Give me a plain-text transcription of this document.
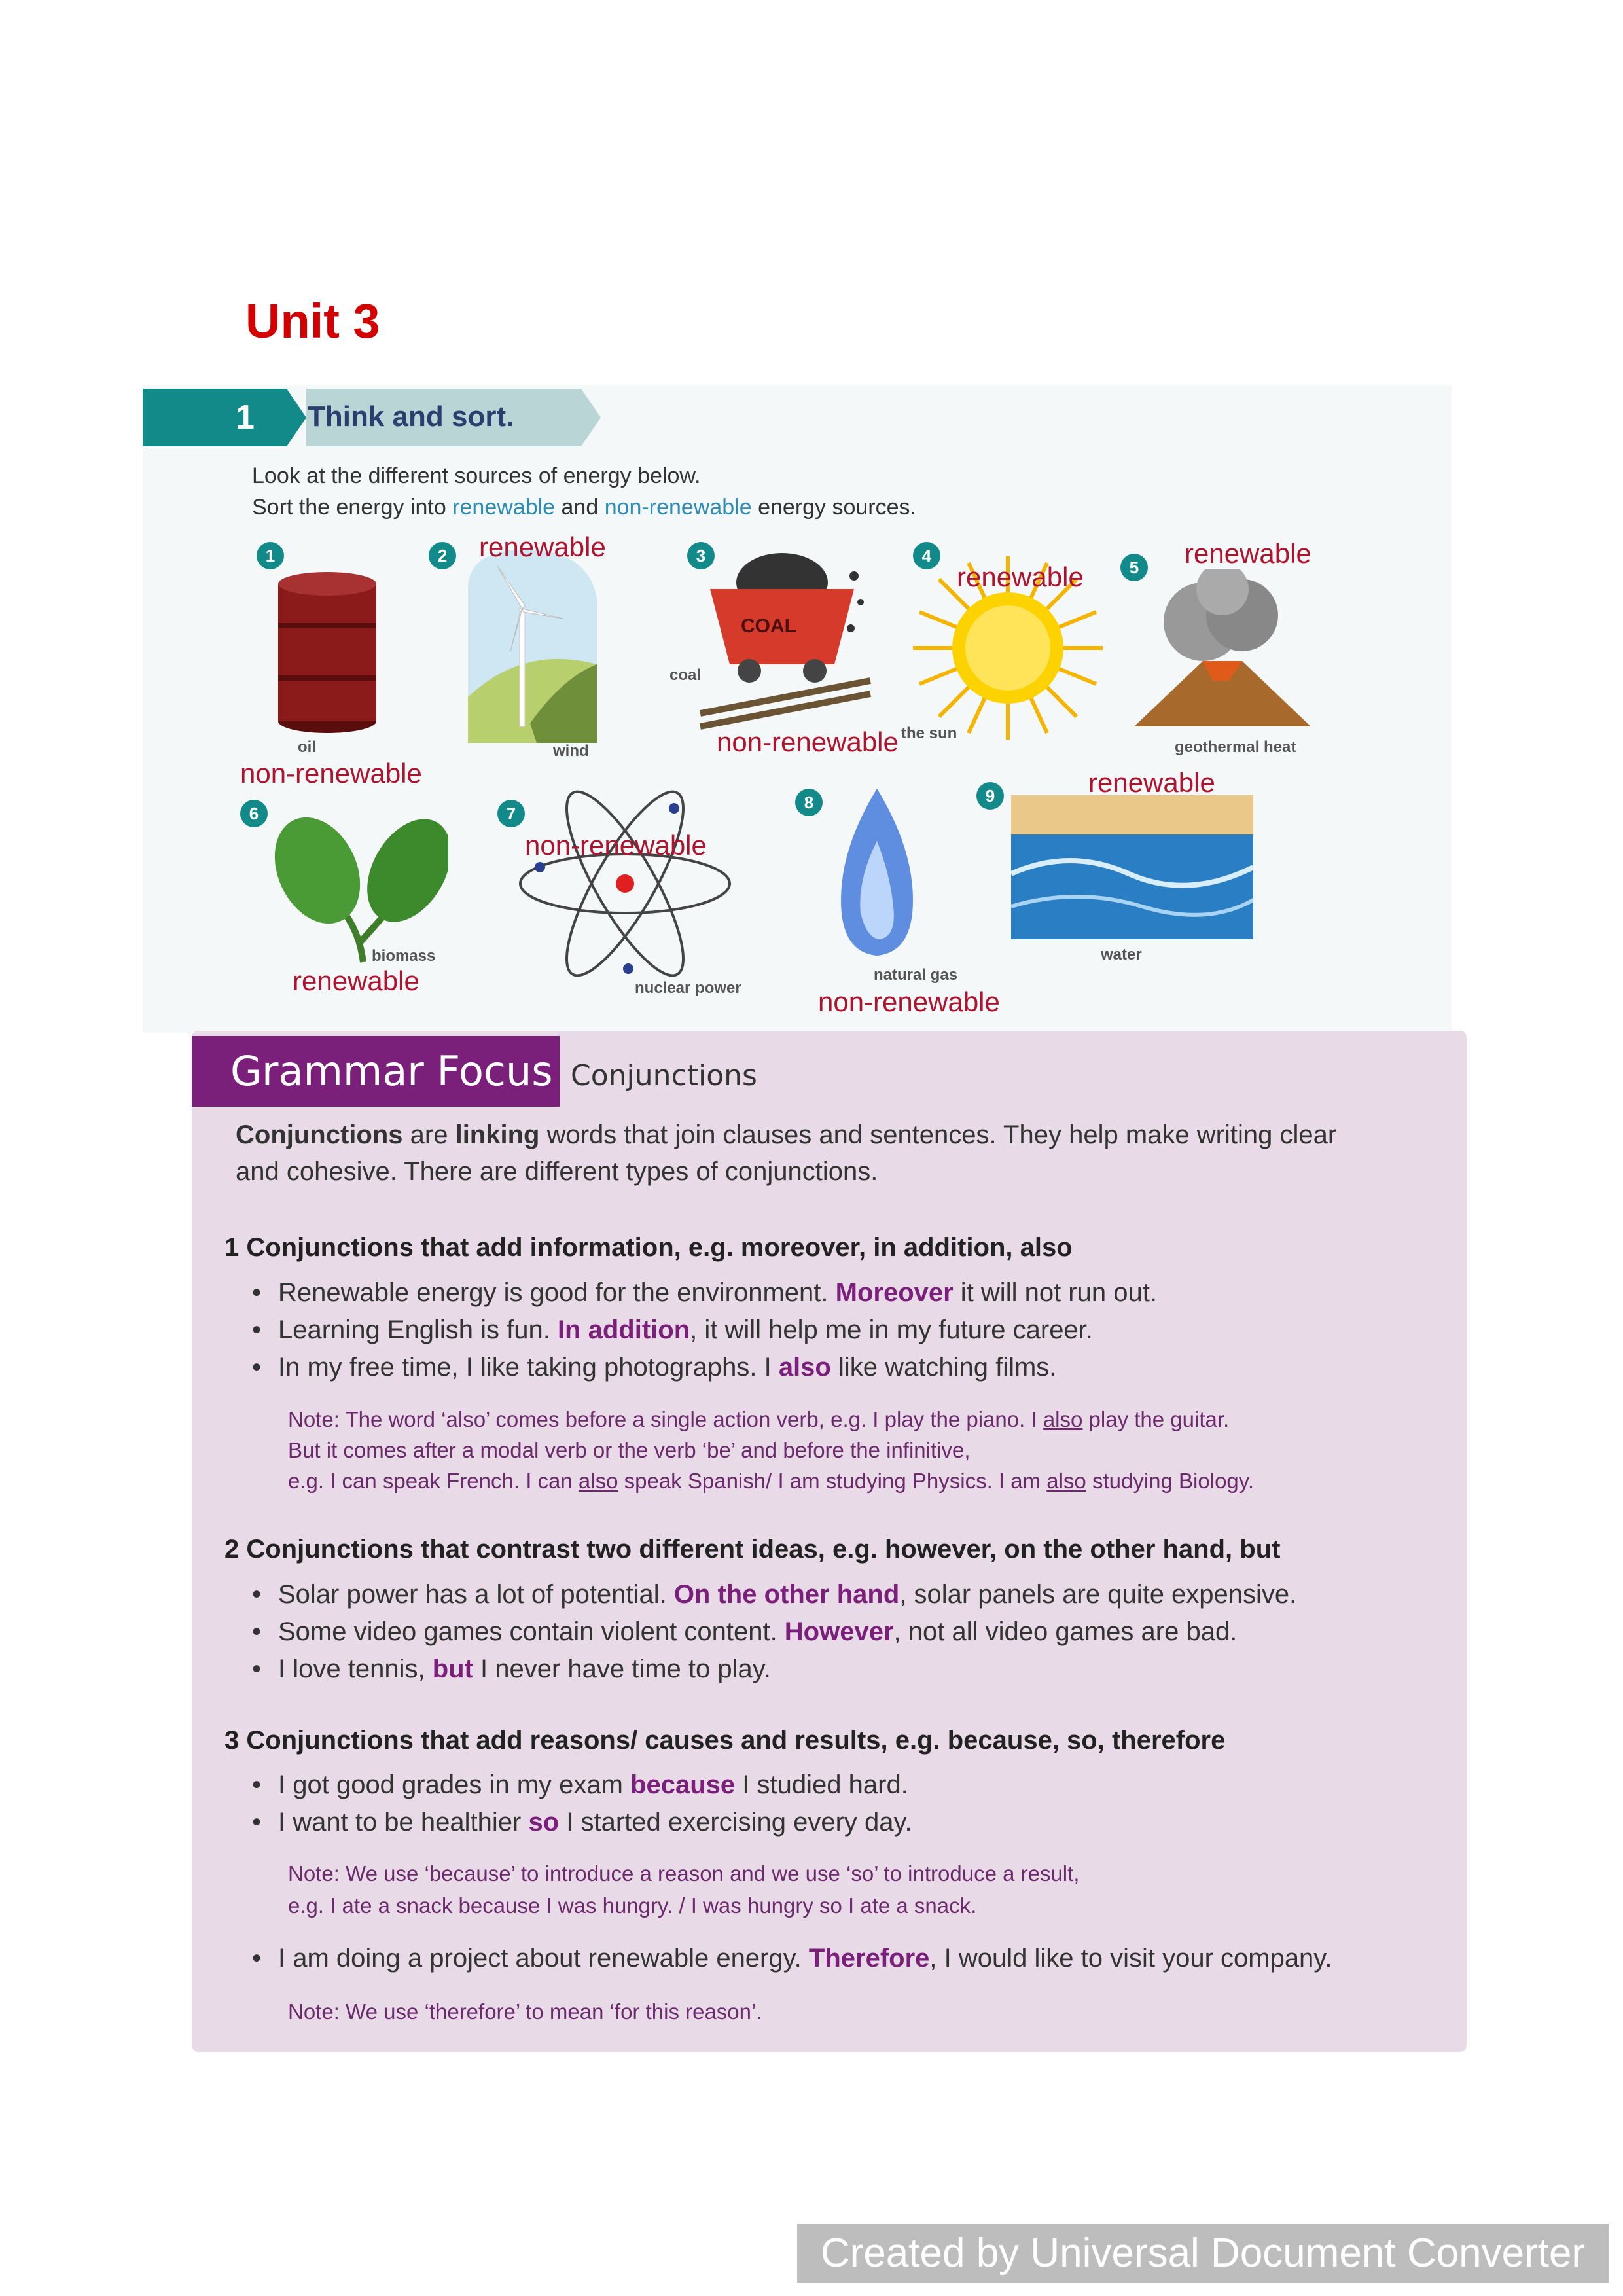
Unit 3
1 Think and sort.
Look at the different sources of energy below.
Sort the energy into renewable and non-renewable energy sources.
1
oil
non-renewable
2	renewable
wind
3
COAL
coal
non-renewable
4
renewable
the sun
5	renewable
geothermal heat
6
biomass
renewable
7
non-renewable
nuclear power
8
natural gas
non-renewable
9	renewable
water
Grammar Focus Conjunctions
Conjunctions are linking words that join clauses and sentences. They help make writing clear
and cohesive. There are different types of conjunctions.
1 Conjunctions that add information, e.g. moreover, in addition, also
• Renewable energy is good for the environment. Moreover it will not run out.
• Learning English is fun. In addition, it will help me in my future career.
• In my free time, I like taking photographs. I also like watching films.
Note: The word ‘also’ comes before a single action verb, e.g. I play the piano. I also play the guitar.
But it comes after a modal verb or the verb ‘be’ and before the infinitive,
e.g. I can speak French. I can also speak Spanish/ I am studying Physics. I am also studying Biology.
2 Conjunctions that contrast two different ideas, e.g. however, on the other hand, but
• Solar power has a lot of potential. On the other hand, solar panels are quite expensive.
• Some video games contain violent content. However, not all video games are bad.
• I love tennis, but I never have time to play.
3 Conjunctions that add reasons/ causes and results, e.g. because, so, therefore
• I got good grades in my exam because I studied hard.
• I want to be healthier so I started exercising every day.
Note: We use ‘because’ to introduce a reason and we use ‘so’ to introduce a result,
e.g. I ate a snack because I was hungry. / I was hungry so I ate a snack.
• I am doing a project about renewable energy. Therefore, I would like to visit your company.
Note: We use ‘therefore’ to mean ‘for this reason’.
Created by Universal Document Converter
